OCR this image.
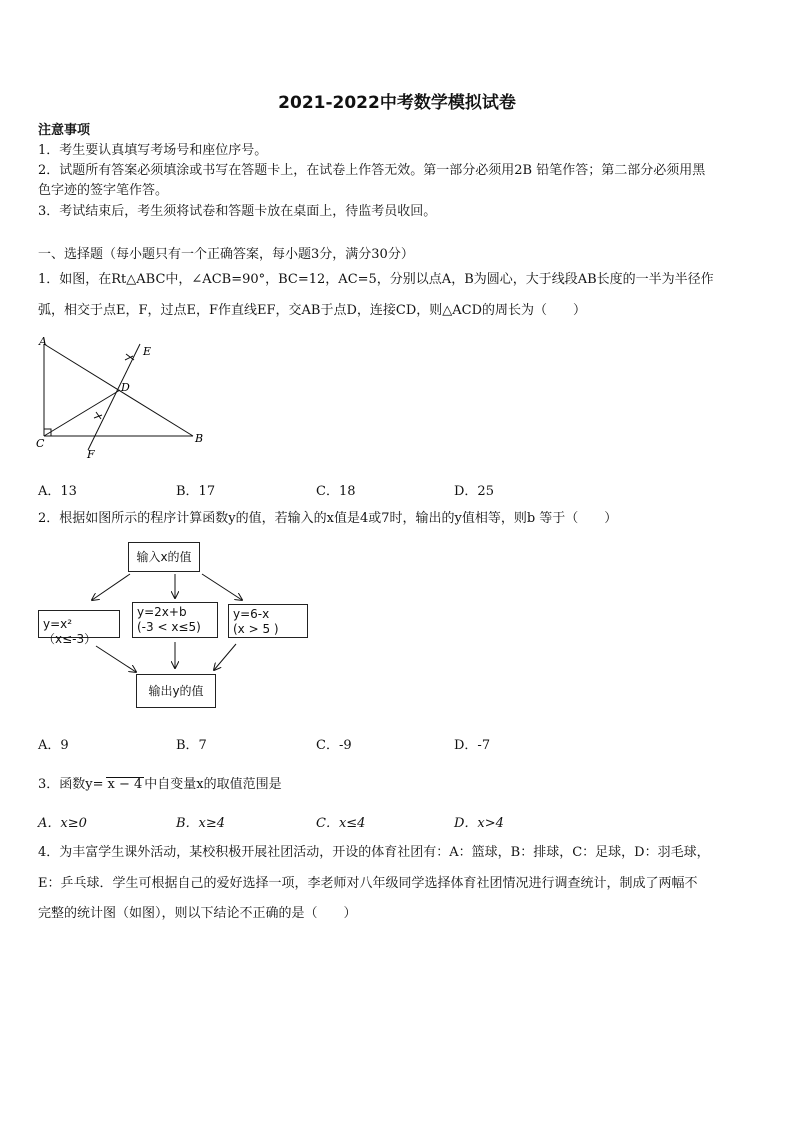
2021-2022中考数学模拟试卷
注意事项
1．考生要认真填写考场号和座位序号。
2．试题所有答案必须填涂或书写在答题卡上，在试卷上作答无效。第一部分必须用2B 铅笔作答；第二部分必须用黑
色字迹的签字笔作答。
3．考试结束后，考生须将试卷和答题卡放在桌面上，待监考员收回。
一、选择题（每小题只有一个正确答案，每小题3分，满分30分）
1．如图，在Rt△ABC中，∠ACB=90°，BC=12，AC=5，分别以点A，B为圆心，大于线段AB长度的一半为半径作
弧，相交于点E，F，过点E，F作直线EF，交AB于点D，连接CD，则△ACD的周长为（　　）
A
B
C
D
E
F
A．13	B．17	C．18	D．25
2．根据如图所示的程序计算函数y的值，若输入的x值是4或7时，输出的y值相等，则b 等于（　　）
输入x的值
y=x²（x≤-3）
y=2x+b
(-3 < x≤5)
y=6-x
(x > 5 )
输出y的值
A．9	B．7	C．-9	D．-7
3．函数y= x − 4 中自变量x的取值范围是
A．x≥0	B．x≥4	C．x≤4	D．x>4
4．为丰富学生课外活动，某校积极开展社团活动，开设的体育社团有：A：篮球，B：排球，C：足球，D：羽毛球，
E：乒乓球．学生可根据自己的爱好选择一项，李老师对八年级同学选择体育社团情况进行调查统计，制成了两幅不
完整的统计图（如图），则以下结论不正确的是（　　）
